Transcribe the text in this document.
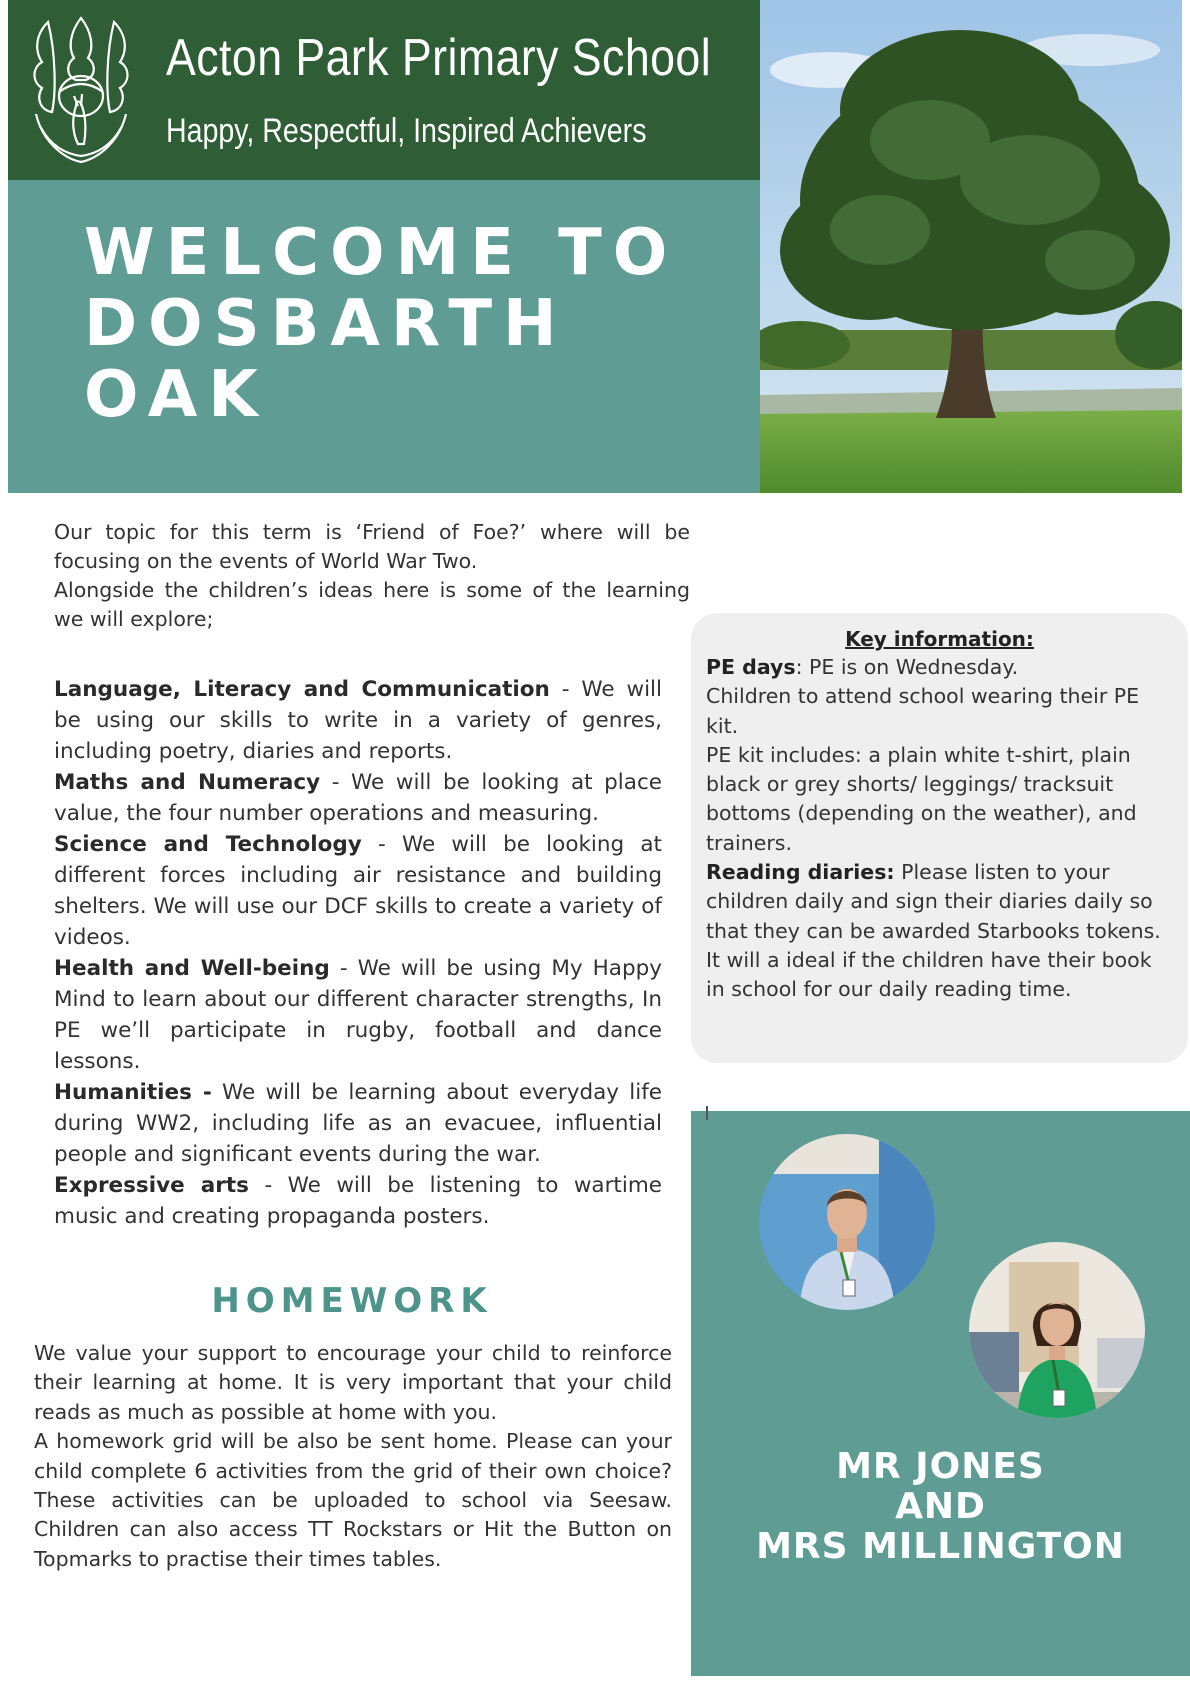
Acton Park Primary School
Happy, Respectful, Inspired Achievers
WELCOME TO
DOSBARTH
OAK

Our topic for this term is ‘Friend of Foe?’ where will be focusing on the events of World War Two.

Alongside the children’s ideas here is some of the learning we will explore;

Language, Literacy and Communication - We will be using our skills to write in a variety of genres, including poetry, diaries and reports.

Maths and Numeracy - We will be looking at place value, the four number operations and measuring.

Science and Technology - We will be looking at different forces including air resistance and building shelters. We will use our DCF skills to create a variety of videos.

Health and Well-being - We will be using My Happy Mind to learn about our different character strengths, In PE we’ll participate in rugby, football and dance lessons.

Humanities - We will be learning about everyday life during WW2, including life as an evacuee, influential people and significant events during the war.

Expressive arts - We will be listening to wartime music and creating propaganda posters.

Key information:

PE days: PE is on Wednesday.

Children to attend school wearing their PE kit.

PE kit includes: a plain white t-shirt, plain black or grey shorts/ leggings/ tracksuit bottoms (depending on the weather), and trainers.

Reading diaries: Please listen to your children daily and sign their diaries daily so that they can be awarded Starbooks tokens. It will a ideal if the children have their book in school for our daily reading time.

HOMEWORK

We value your support to encourage your child to reinforce their learning at home. It is very important that your child reads as much as possible at home with you.

A homework grid will be also be sent home. Please can your child complete 6 activities from the grid of their own choice? These activities can be uploaded to school via Seesaw. Children can also access TT Rockstars or Hit the Button on Topmarks to practise their times tables.

MR JONES
AND
MRS MILLINGTON
